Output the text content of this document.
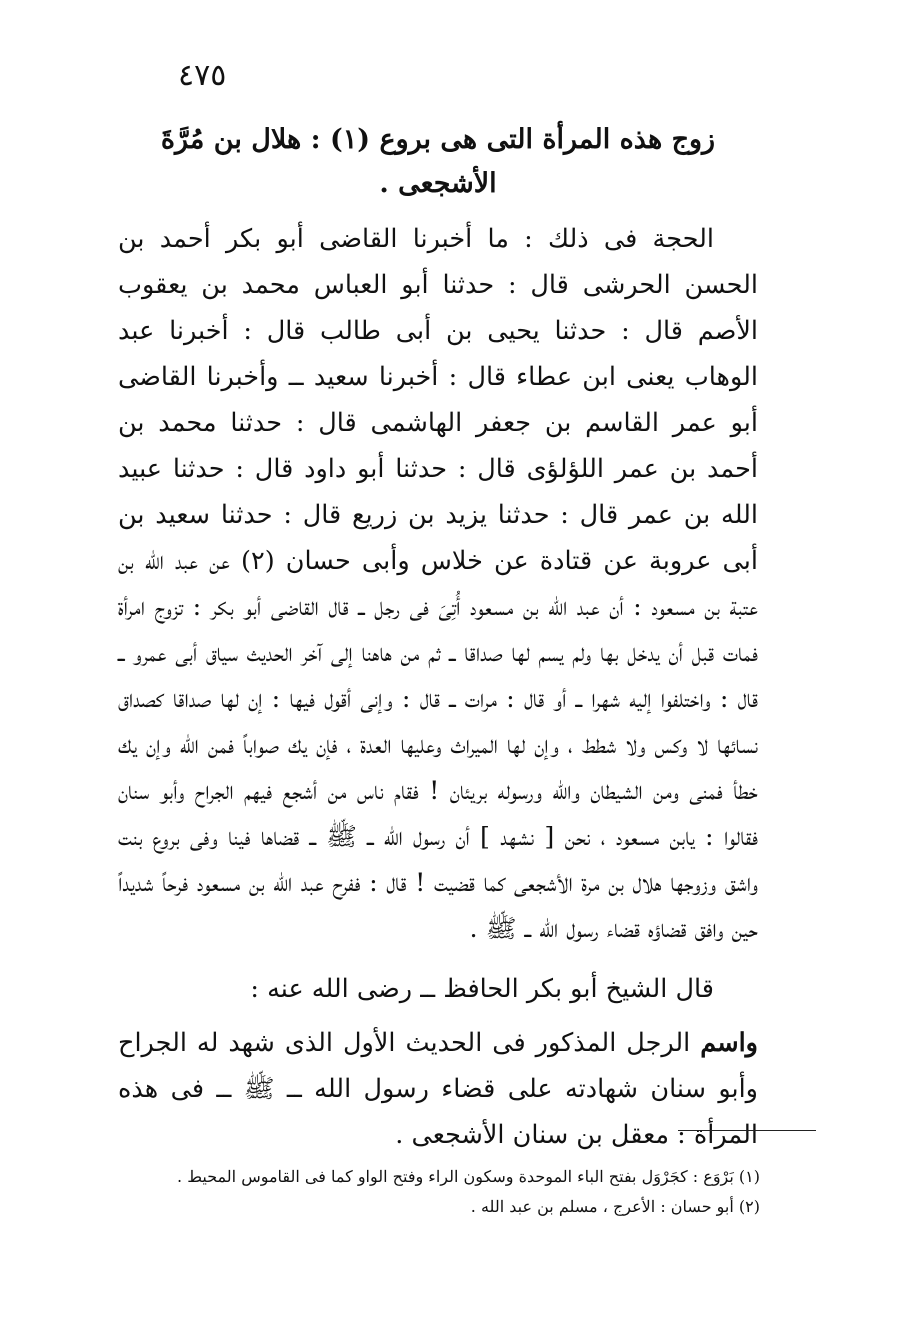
٤٧٥

زوج هذه المرأة التى هى بروع (١) : هلال بن مُرَّةَ الأشجعى .

الحجة فى ذلك : ما أخبرنا القاضى أبو بكر أحمد بن الحسن الحرشى قال : حدثنا أبو العباس محمد بن يعقوب الأصم قال : حدثنا يحيى بن أبى طالب قال : أخبرنا عبد الوهاب يعنى ابن عطاء قال : أخبرنا سعيد ــ وأخبرنا القاضى أبو عمر القاسم بن جعفر الهاشمى قال : حدثنا محمد بن أحمد بن عمر اللؤلؤى قال : حدثنا أبو داود قال : حدثنا عبيد الله بن عمر قال : حدثنا يزيد بن زريع قال : حدثنا سعيد بن أبى عروبة عن قتادة عن خلاس وأبى حسان (٢) عن عبد الله بن عتبة بن مسعود : أن عبد الله بن مسعود أُتِىَ فى رجل ــ قال القاضى أبو بكر : تزوج امرأة فمات قبل أن يدخل بها ولم يسم لها صداقا ــ ثم من هاهنا إلى آخر الحديث سياق أبى عمرو ــ قال : واختلفوا إليه شهرا ــ أو قال : مرات ــ قال : وإنى أقول فيها : إن لها صداقا كصداق نسائها لا وكس ولا شطط ، وإن لها الميراث وعليها العدة ، فإن يك صواباً فمن الله وإن يك خطأ فمنى ومن الشيطان والله ورسوله بريئان ! فقام ناس من أشجع فيهم الجراح وأبو سنان فقالوا : يابن مسعود ، نحن [ نشهد ] أن رسول الله ــ ﷺ ــ قضاها فينا وفى بروع بنت واشق وزوجها هلال بن مرة الأشجعى كما قضيت ! قال : ففرح عبد الله بن مسعود فرحاً شديداً حين وافق قضاؤه قضاء رسول الله ــ ﷺ .

قال الشيخ أبو بكر الحافظ ــ رضى الله عنه :

واسم الرجل المذكور فى الحديث الأول الذى شهد له الجراح وأبو سنان شهادته على قضاء رسول الله ــ ﷺ ــ فى هذه المرأة : معقل بن سنان الأشجعى .

(١) بَرْوَع : كجَرْوَل بفتح الباء الموحدة وسكون الراء وفتح الواو كما فى القاموس المحيط .

(٢) أبو حسان : الأعرج ، مسلم بن عبد الله .
